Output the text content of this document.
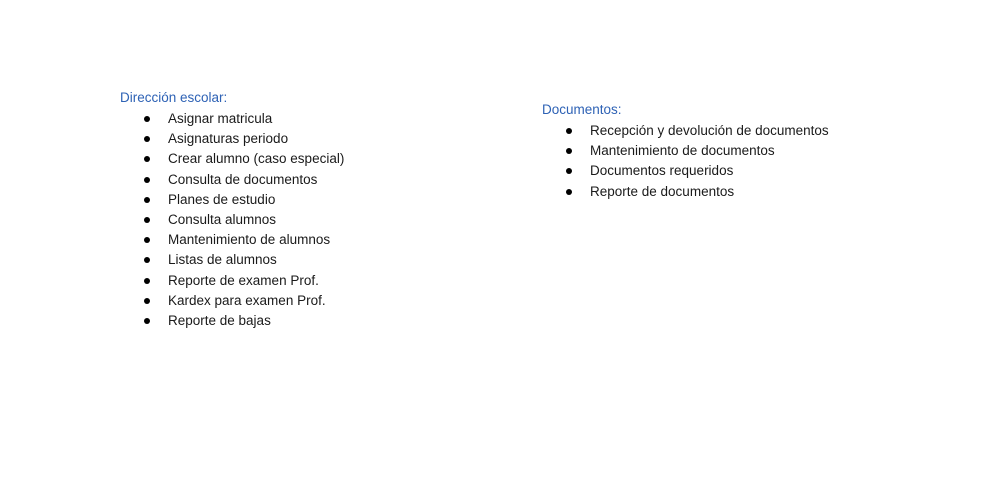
Dirección escolar:
Asignar matricula
Asignaturas periodo
Crear alumno (caso especial)
Consulta de documentos
Planes de estudio
Consulta alumnos
Mantenimiento de alumnos
Listas de alumnos
Reporte de examen Prof.
Kardex para examen Prof.
Reporte de bajas
Documentos:
Recepción y devolución de documentos
Mantenimiento de documentos
Documentos requeridos
Reporte de documentos
